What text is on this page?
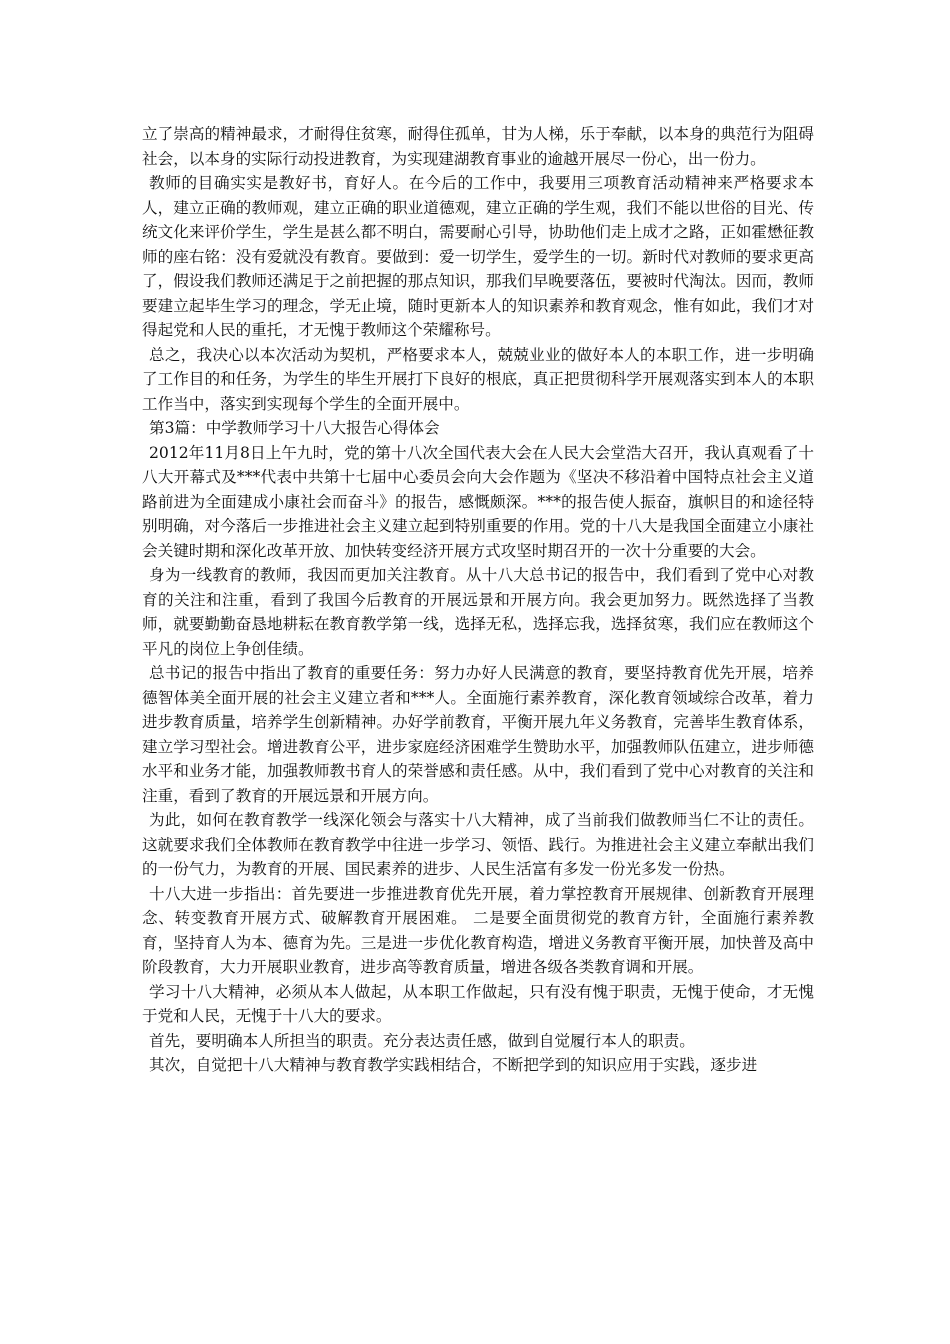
立了崇高的精神最求，才耐得住贫寒，耐得住孤单，甘为人梯，乐于奉献，以本身的典范行为阻碍社会，以本身的实际行动投进教育，为实现建湖教育事业的逾越开展尽一份心，出一份力。

教师的目确实实是教好书，育好人。在今后的工作中，我要用三项教育活动精神来严格要求本人，建立正确的教师观，建立正确的职业道德观，建立正确的学生观，我们不能以世俗的目光、传统文化来评价学生，学生是甚么都不明白，需要耐心引导，协助他们走上成才之路，正如霍懋征教师的座右铭：没有爱就没有教育。要做到：爱一切学生，爱学生的一切。新时代对教师的要求更高了，假设我们教师还满足于之前把握的那点知识，那我们早晚要落伍，要被时代淘汰。因而，教师要建立起毕生学习的理念，学无止境，随时更新本人的知识素养和教育观念，惟有如此，我们才对得起党和人民的重托，才无愧于教师这个荣耀称号。

总之，我决心以本次活动为契机，严格要求本人，兢兢业业的做好本人的本职工作，进一步明确了工作目的和任务，为学生的毕生开展打下良好的根底，真正把贯彻科学开展观落实到本人的本职工作当中，落实到实现每个学生的全面开展中。

第3篇：中学教师学习十八大报告心得体会

2012年11月8日上午九时，党的第十八次全国代表大会在人民大会堂浩大召开，我认真观看了十八大开幕式及***代表中共第十七届中心委员会向大会作题为《坚决不移沿着中国特点社会主义道路前进为全面建成小康社会而奋斗》的报告，感慨颇深。***的报告使人振奋，旗帜目的和途径特别明确，对今落后一步推进社会主义建立起到特别重要的作用。党的十八大是我国全面建立小康社会关键时期和深化改革开放、加快转变经济开展方式攻坚时期召开的一次十分重要的大会。

身为一线教育的教师，我因而更加关注教育。从十八大总书记的报告中，我们看到了党中心对教育的关注和注重，看到了我国今后教育的开展远景和开展方向。我会更加努力。既然选择了当教师，就要勤勤奋恳地耕耘在教育教学第一线，选择无私，选择忘我，选择贫寒，我们应在教师这个平凡的岗位上争创佳绩。

总书记的报告中指出了教育的重要任务：努力办好人民满意的教育，要坚持教育优先开展，培养德智体美全面开展的社会主义建立者和***人。全面施行素养教育，深化教育领域综合改革，着力进步教育质量，培养学生创新精神。办好学前教育，平衡开展九年义务教育，完善毕生教育体系，建立学习型社会。增进教育公平，进步家庭经济困难学生赞助水平，加强教师队伍建立，进步师德水平和业务才能，加强教师教书育人的荣誉感和责任感。从中，我们看到了党中心对教育的关注和注重，看到了教育的开展远景和开展方向。

为此，如何在教育教学一线深化领会与落实十八大精神，成了当前我们做教师当仁不让的责任。这就要求我们全体教师在教育教学中往进一步学习、领悟、践行。为推进社会主义建立奉献出我们的一份气力，为教育的开展、国民素养的进步、人民生活富有多发一份光多发一份热。

十八大进一步指出：首先要进一步推进教育优先开展，着力掌控教育开展规律、创新教育开展理念、转变教育开展方式、破解教育开展困难。 二是要全面贯彻党的教育方针，全面施行素养教育，坚持育人为本、德育为先。三是进一步优化教育构造，增进义务教育平衡开展，加快普及高中阶段教育，大力开展职业教育，进步高等教育质量，增进各级各类教育调和开展。

学习十八大精神，必须从本人做起，从本职工作做起，只有没有愧于职责，无愧于使命，才无愧于党和人民，无愧于十八大的要求。

首先，要明确本人所担当的职责。充分表达责任感，做到自觉履行本人的职责。

其次，自觉把十八大精神与教育教学实践相结合，不断把学到的知识应用于实践，逐步进
